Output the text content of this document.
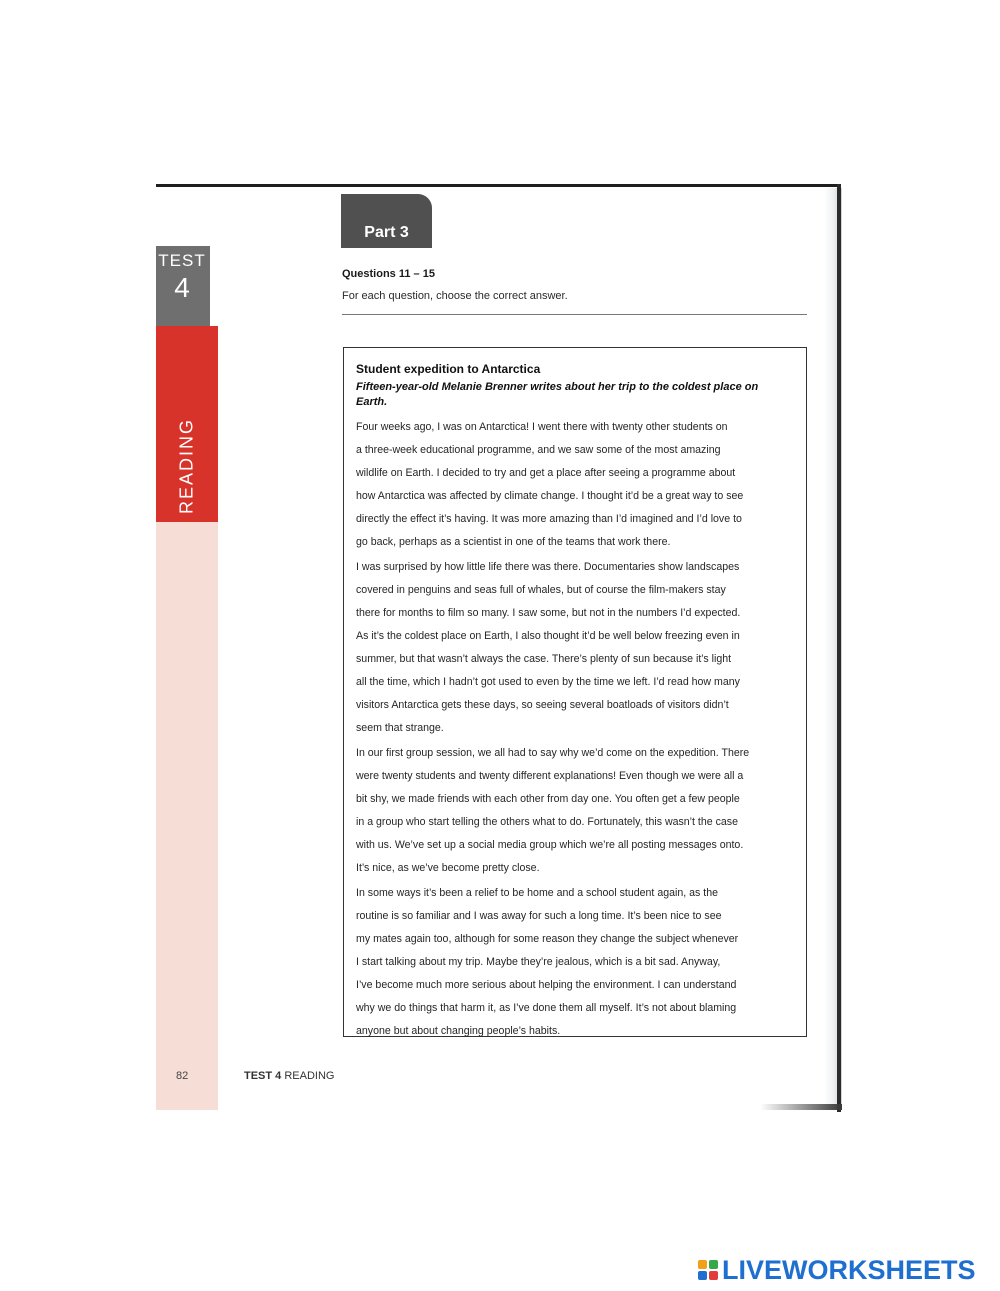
TEST
4
READING
Part 3
Questions 11 – 15
For each question, choose the correct answer.
Student expedition to Antarctica
Fifteen-year-old Melanie Brenner writes about her trip to the coldest place on Earth.

Four weeks ago, I was on Antarctica! I went there with twenty other students on
a three-week educational programme, and we saw some of the most amazing
wildlife on Earth. I decided to try and get a place after seeing a programme about
how Antarctica was affected by climate change. I thought it’d be a great way to see
directly the effect it’s having. It was more amazing than I’d imagined and I’d love to
go back, perhaps as a scientist in one of the teams that work there.

I was surprised by how little life there was there. Documentaries show landscapes
covered in penguins and seas full of whales, but of course the film-makers stay
there for months to film so many. I saw some, but not in the numbers I’d expected.
As it’s the coldest place on Earth, I also thought it’d be well below freezing even in
summer, but that wasn’t always the case. There’s plenty of sun because it’s light
all the time, which I hadn’t got used to even by the time we left. I’d read how many
visitors Antarctica gets these days, so seeing several boatloads of visitors didn’t
seem that strange.

In our first group session, we all had to say why we’d come on the expedition. There
were twenty students and twenty different explanations! Even though we were all a
bit shy, we made friends with each other from day one. You often get a few people
in a group who start telling the others what to do. Fortunately, this wasn’t the case
with us. We’ve set up a social media group which we’re all posting messages onto.
It’s nice, as we’ve become pretty close.

In some ways it’s been a relief to be home and a school student again, as the
routine is so familiar and I was away for such a long time. It’s been nice to see
my mates again too, although for some reason they change the subject whenever
I start talking about my trip. Maybe they’re jealous, which is a bit sad. Anyway,
I’ve become much more serious about helping the environment. I can understand
why we do things that harm it, as I’ve done them all myself. It’s not about blaming
anyone but about changing people’s habits.

82	TEST 4 READING
LIVEWORKSHEETS
